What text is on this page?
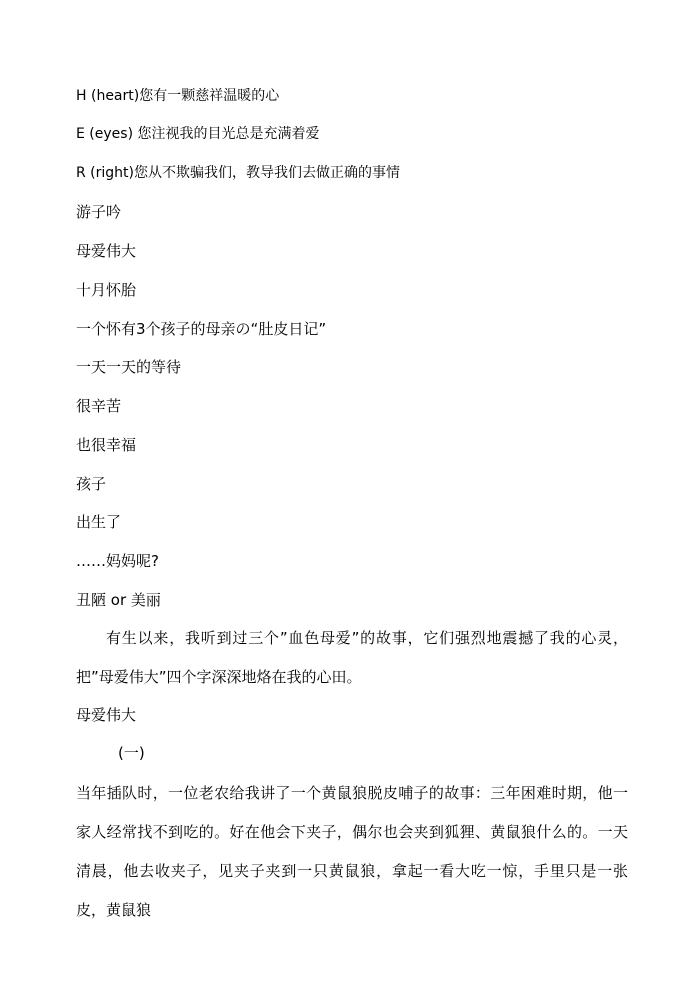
H (heart)您有一颗慈祥温暖的心
E (eyes) 您注视我的目光总是充满着爱
R (right)您从不欺骗我们，教导我们去做正确的事情
游子吟
母爱伟大
十月怀胎
一个怀有3个孩子的母亲の“肚皮日记”
一天一天的等待
很辛苦
也很幸福
孩子
出生了
……妈妈呢?
丑陋 or 美丽

有生以来，我听到过三个”血色母爱”的故事，它们强烈地震撼了我的心灵，把”母爱伟大”四个字深深地烙在我的心田。

母爱伟大
(一)

当年插队时，一位老农给我讲了一个黄鼠狼脱皮哺子的故事：三年困难时期，他一家人经常找不到吃的。好在他会下夹子，偶尔也会夹到狐狸、黄鼠狼什么的。一天清晨，他去收夹子，见夹子夹到一只黄鼠狼，拿起一看大吃一惊，手里只是一张皮，黄鼠狼
